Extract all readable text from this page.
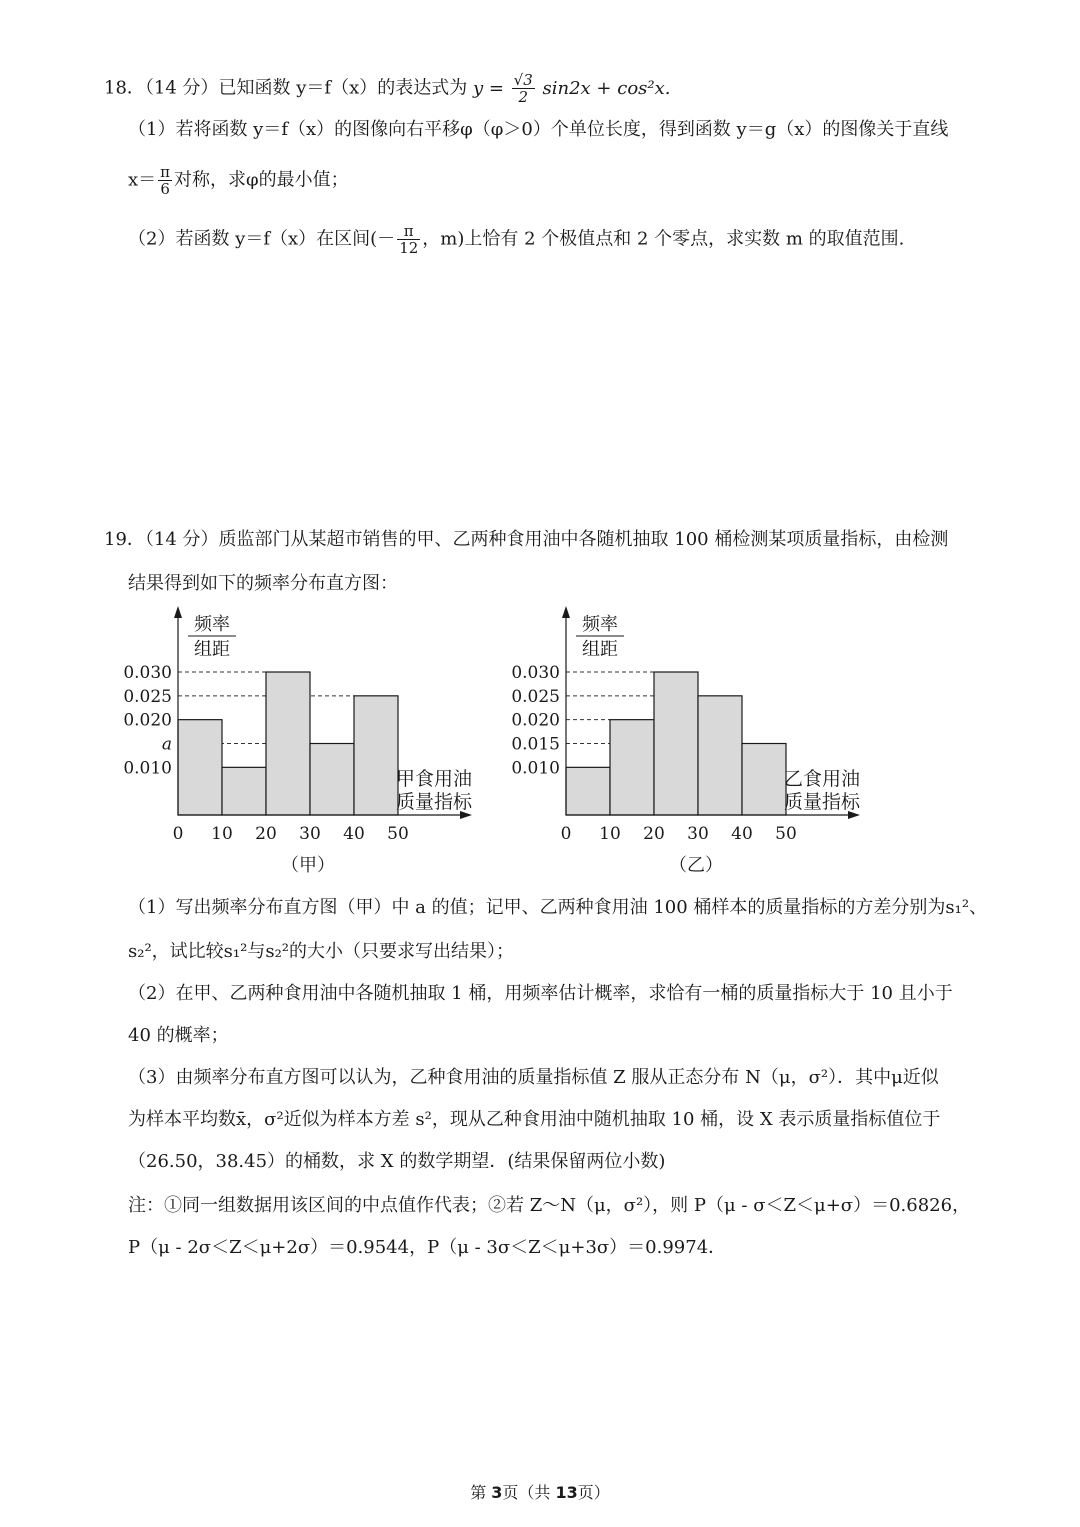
18．（14 分）已知函数 y＝f（x）的表达式为 $y = \frac{√3}{2} \sin 2x + \cos^2x$.
（1）若将函数 y＝f（x）的图像向右平移φ（φ＞0）个单位长度，得到函数 y＝g（x）的图像关于直线
$x= \frac{\pi}{6}$ 对称，求φ的最小值；
（2）若函数 y＝f（x）在区间(－ $\frac{\pi}{12}$ ，m)上恰有 2 个极值点和 2 个零点，求实数 m 的取值范围.
19．（14 分）质监部门从某超市销售的甲、乙两种食用油中各随机抽取 100 桶检测某项质量指标，由检测
结果得到如下的频率分布直方图：
频率
组距
0.030
0.025
0.020
a
0.010
0 10 20 30 40 50
甲食用油
质量指标
（甲）
频率
组距
0.030
0.025
0.020
0.015
0.010
0 10 20 30 40 50
乙食用油
质量指标
（乙）
（1）写出频率分布直方图（甲）中 a 的值；记甲、乙两种食用油 100 桶样本的质量指标的方差分别为s₁²、
s₂²，试比较s₁²与s₂²的大小（只要求写出结果）；
（2）在甲、乙两种食用油中各随机抽取 1 桶，用频率估计概率，求恰有一桶的质量指标大于 10 且小于
40 的概率；
（3）由频率分布直方图可以认为，乙种食用油的质量指标值 Z 服从正态分布 N（μ，σ²）．其中μ近似
为样本平均数x̄，σ²近似为样本方差 s²，现从乙种食用油中随机抽取 10 桶，设 X 表示质量指标值位于
（26.50，38.45）的桶数，求 X 的数学期望．(结果保留两位小数)
注：①同一组数据用该区间的中点值作代表；②若 Z～N（μ，σ²），则 P（μ - σ＜Z＜μ+σ）＝0.6826，
P（μ - 2σ＜Z＜μ+2σ）＝0.9544，P（μ - 3σ＜Z＜μ+3σ）＝0.9974．
第 3页（共 13页）
